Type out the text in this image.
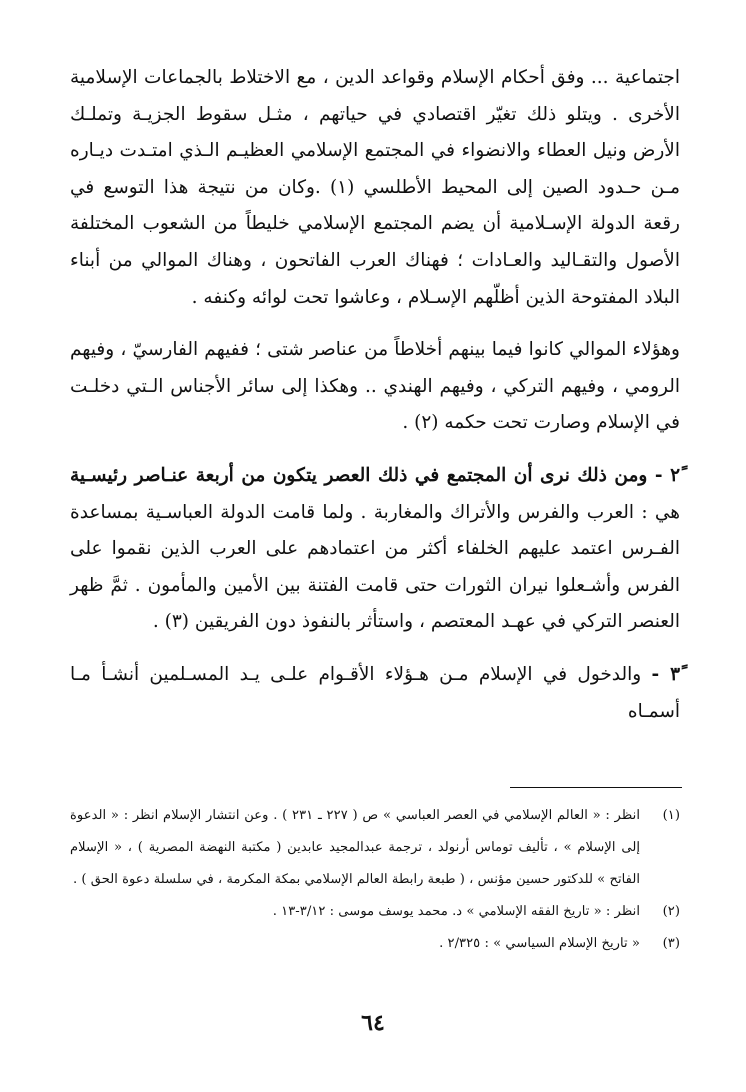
اجتماعية ... وفق أحكام الإسلام وقواعد الدين ، مع الاختلاط بالجماعات الإسلامية الأخرى . ويتلو ذلك تغيّر اقتصادي في حياتهم ، مثـل سقوط الجزيـة وتملـك الأرض ونيل العطاء والانضواء في المجتمع الإسلامي العظيـم الـذي امتـدت ديـاره مـن حـدود الصين إلى المحيط الأطلسي (١) .وكان من نتيجة هذا التوسع في رقعة الدولة الإسـلامية أن يضم المجتمع الإسلامي خليطاً من الشعوب المختلفة الأصول والتقـاليد والعـادات ؛ فهناك العرب الفاتحون ، وهناك الموالي من أبناء البلاد المفتوحة الذين أظلّهم الإسـلام ، وعاشوا تحت لوائه وكنفه .

وهؤلاء الموالي كانوا فيما بينهم أخلاطاً من عناصر شتى ؛ ففيهم الفارسيّ ، وفيهم الرومي ، وفيهم التركي ، وفيهم الهندي .. وهكذا إلى سائر الأجناس الـتي دخلـت في الإسلام وصارت تحت حكمه (٢) .

٢ً - ومن ذلك نرى أن المجتمع في ذلك العصر يتكون من أربعة عنـاصر رئيسـية هي : العرب والفرس والأتراك والمغاربة . ولما قامت الدولة العباسـية بمساعدة الفـرس اعتمد عليهم الخلفاء أكثر من اعتمادهم على العرب الذين نقموا على الفرس وأشـعلوا نيران الثورات حتى قامت الفتنة بين الأمين والمأمون . ثمَّ ظهر العنصر التركي في عهـد المعتصم ، واستأثر بالنفوذ دون الفريقين (٣) .

٣ً - والدخول في الإسلام مـن هـؤلاء الأقـوام علـى يـد المسـلمين أنشـأ مـا أسمـاه

(١)
انظر : « العالم الإسلامي في العصر العباسي » ص ( ٢٢٧ ـ ٢٣١ ) . وعن انتشار الإسلام انظر : « الدعوة إلى الإسلام » ، تأليف توماس أرنولد ، ترجمة عبدالمجيد عابدين ( مكتبة النهضة المصرية ) ، « الإسلام الفاتح » للدكتور حسين مؤنس ، ( طبعة رابطة العالم الإسلامي بمكة المكرمة ، في سلسلة دعوة الحق ) .
(٢)
انظر : « تاريخ الفقه الإسلامي » د. محمد يوسف موسى : ٣/١٢-١٣ .
(٣)
« تاريخ الإسلام السياسي » : ٢/٣٢٥ .
٦٤
